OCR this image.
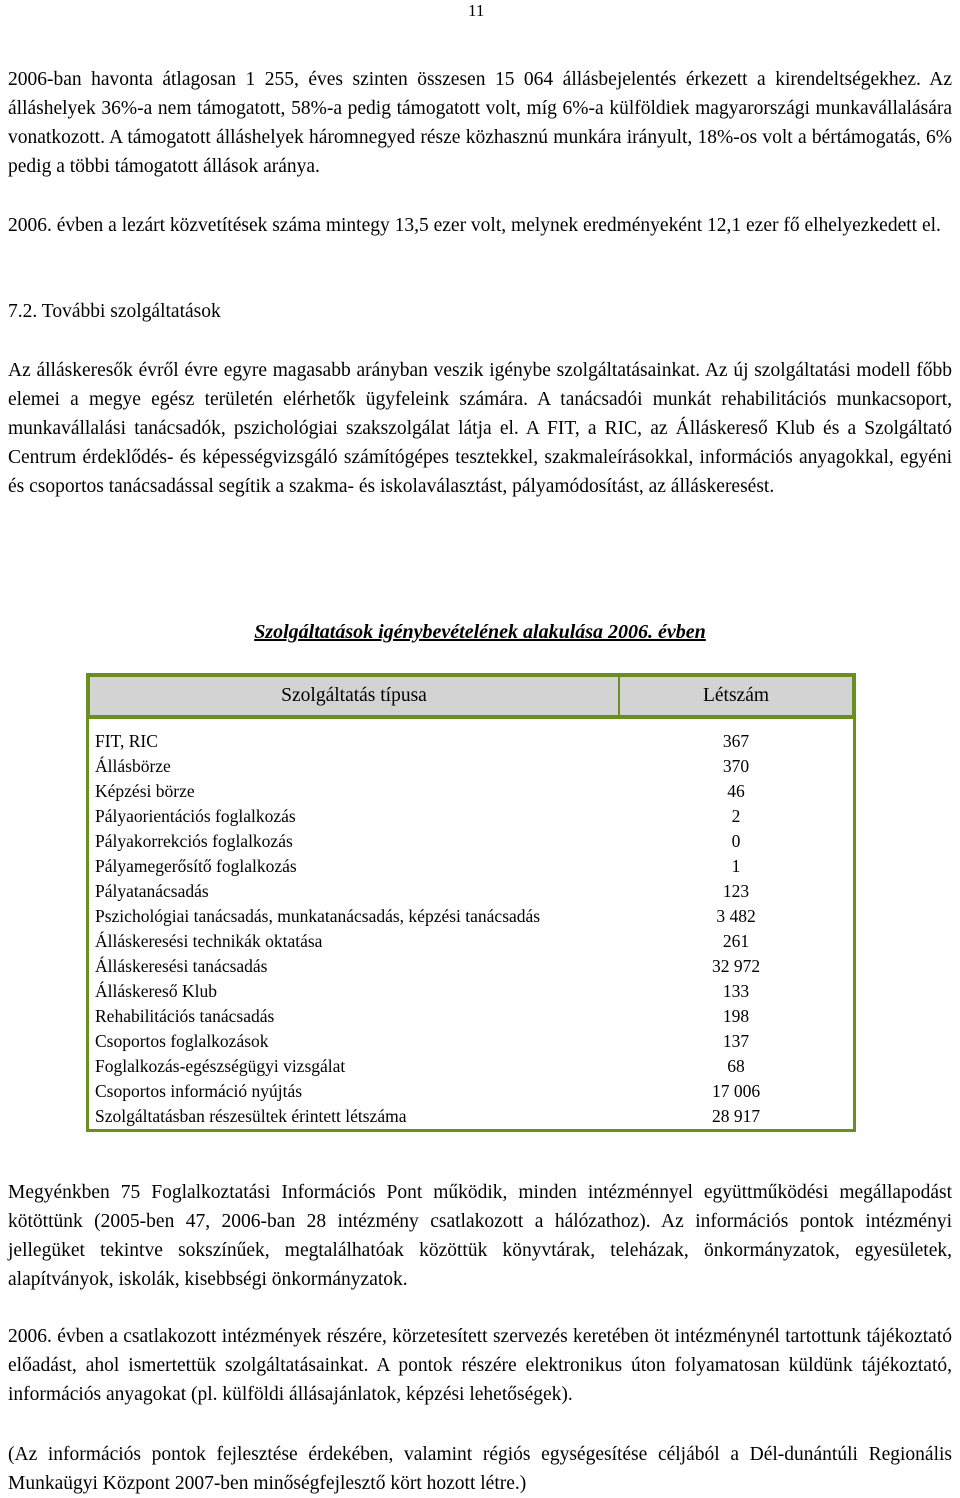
11

2006-ban havonta átlagosan 1 255, éves szinten összesen 15 064 állásbejelentés érkezett a kirendeltségekhez. Az álláshelyek 36%-a nem támogatott, 58%-a pedig támogatott volt, míg 6%-a külföldiek magyarországi munkavállalására vonatkozott. A támogatott álláshelyek háromnegyed része közhasznú munkára irányult, 18%-os volt a bértámogatás, 6% pedig a többi támogatott állások aránya.

2006. évben a lezárt közvetítések száma mintegy 13,5 ezer volt, melynek eredményeként 12,1 ezer fő elhelyezkedett el.

7.2. További szolgáltatások

Az álláskeresők évről évre egyre magasabb arányban veszik igénybe szolgáltatásainkat. Az új szolgáltatási modell főbb elemei a megye egész területén elérhetők ügyfeleink számára. A tanácsadói munkát rehabilitációs munkacsoport, munkavállalási tanácsadók, pszichológiai szakszolgálat látja el. A FIT, a RIC, az Álláskereső Klub és a Szolgáltató Centrum érdeklődés- és képességvizsgáló számítógépes tesztekkel, szakmaleírásokkal, információs anyagokkal, egyéni és csoportos tanácsadással segítik a szakma- és iskolaválasztást, pályamódosítást, az álláskeresést.

Szolgáltatások igénybevételének alakulása 2006. évben
Szolgáltatás típusa	Létszám

FIT, RIC	367
Állásbörze	370
Képzési börze	46
Pályaorientációs foglalkozás	2
Pályakorrekciós foglalkozás	0
Pályamegerősítő foglalkozás	1
Pályatanácsadás	123
Pszichológiai tanácsadás, munkatanácsadás, képzési tanácsadás	3 482
Álláskeresési technikák oktatása	261
Álláskeresési tanácsadás	32 972
Álláskereső Klub	133
Rehabilitációs tanácsadás	198
Csoportos foglalkozások	137
Foglalkozás-egészségügyi vizsgálat	68
Csoportos információ nyújtás	17 006
Szolgáltatásban részesültek érintett létszáma	28 917

Megyénkben 75 Foglalkoztatási Információs Pont működik, minden intézménnyel együttműködési megállapodást kötöttünk (2005-ben 47, 2006-ban 28 intézmény csatlakozott a hálózathoz). Az információs pontok intézményi jellegüket tekintve sokszínűek, megtalálhatóak közöttük könyvtárak, teleházak, önkormányzatok, egyesületek, alapítványok, iskolák, kisebbségi önkormányzatok.

2006. évben a csatlakozott intézmények részére, körzetesített szervezés keretében öt intézménynél tartottunk tájékoztató előadást, ahol ismertettük szolgáltatásainkat. A pontok részére elektronikus úton folyamatosan küldünk tájékoztató, információs anyagokat (pl. külföldi állásajánlatok, képzési lehetőségek).

(Az információs pontok fejlesztése érdekében, valamint régiós egységesítése céljából a Dél-dunántúli Regionális Munkaügyi Központ 2007-ben minőségfejlesztő kört hozott létre.)
